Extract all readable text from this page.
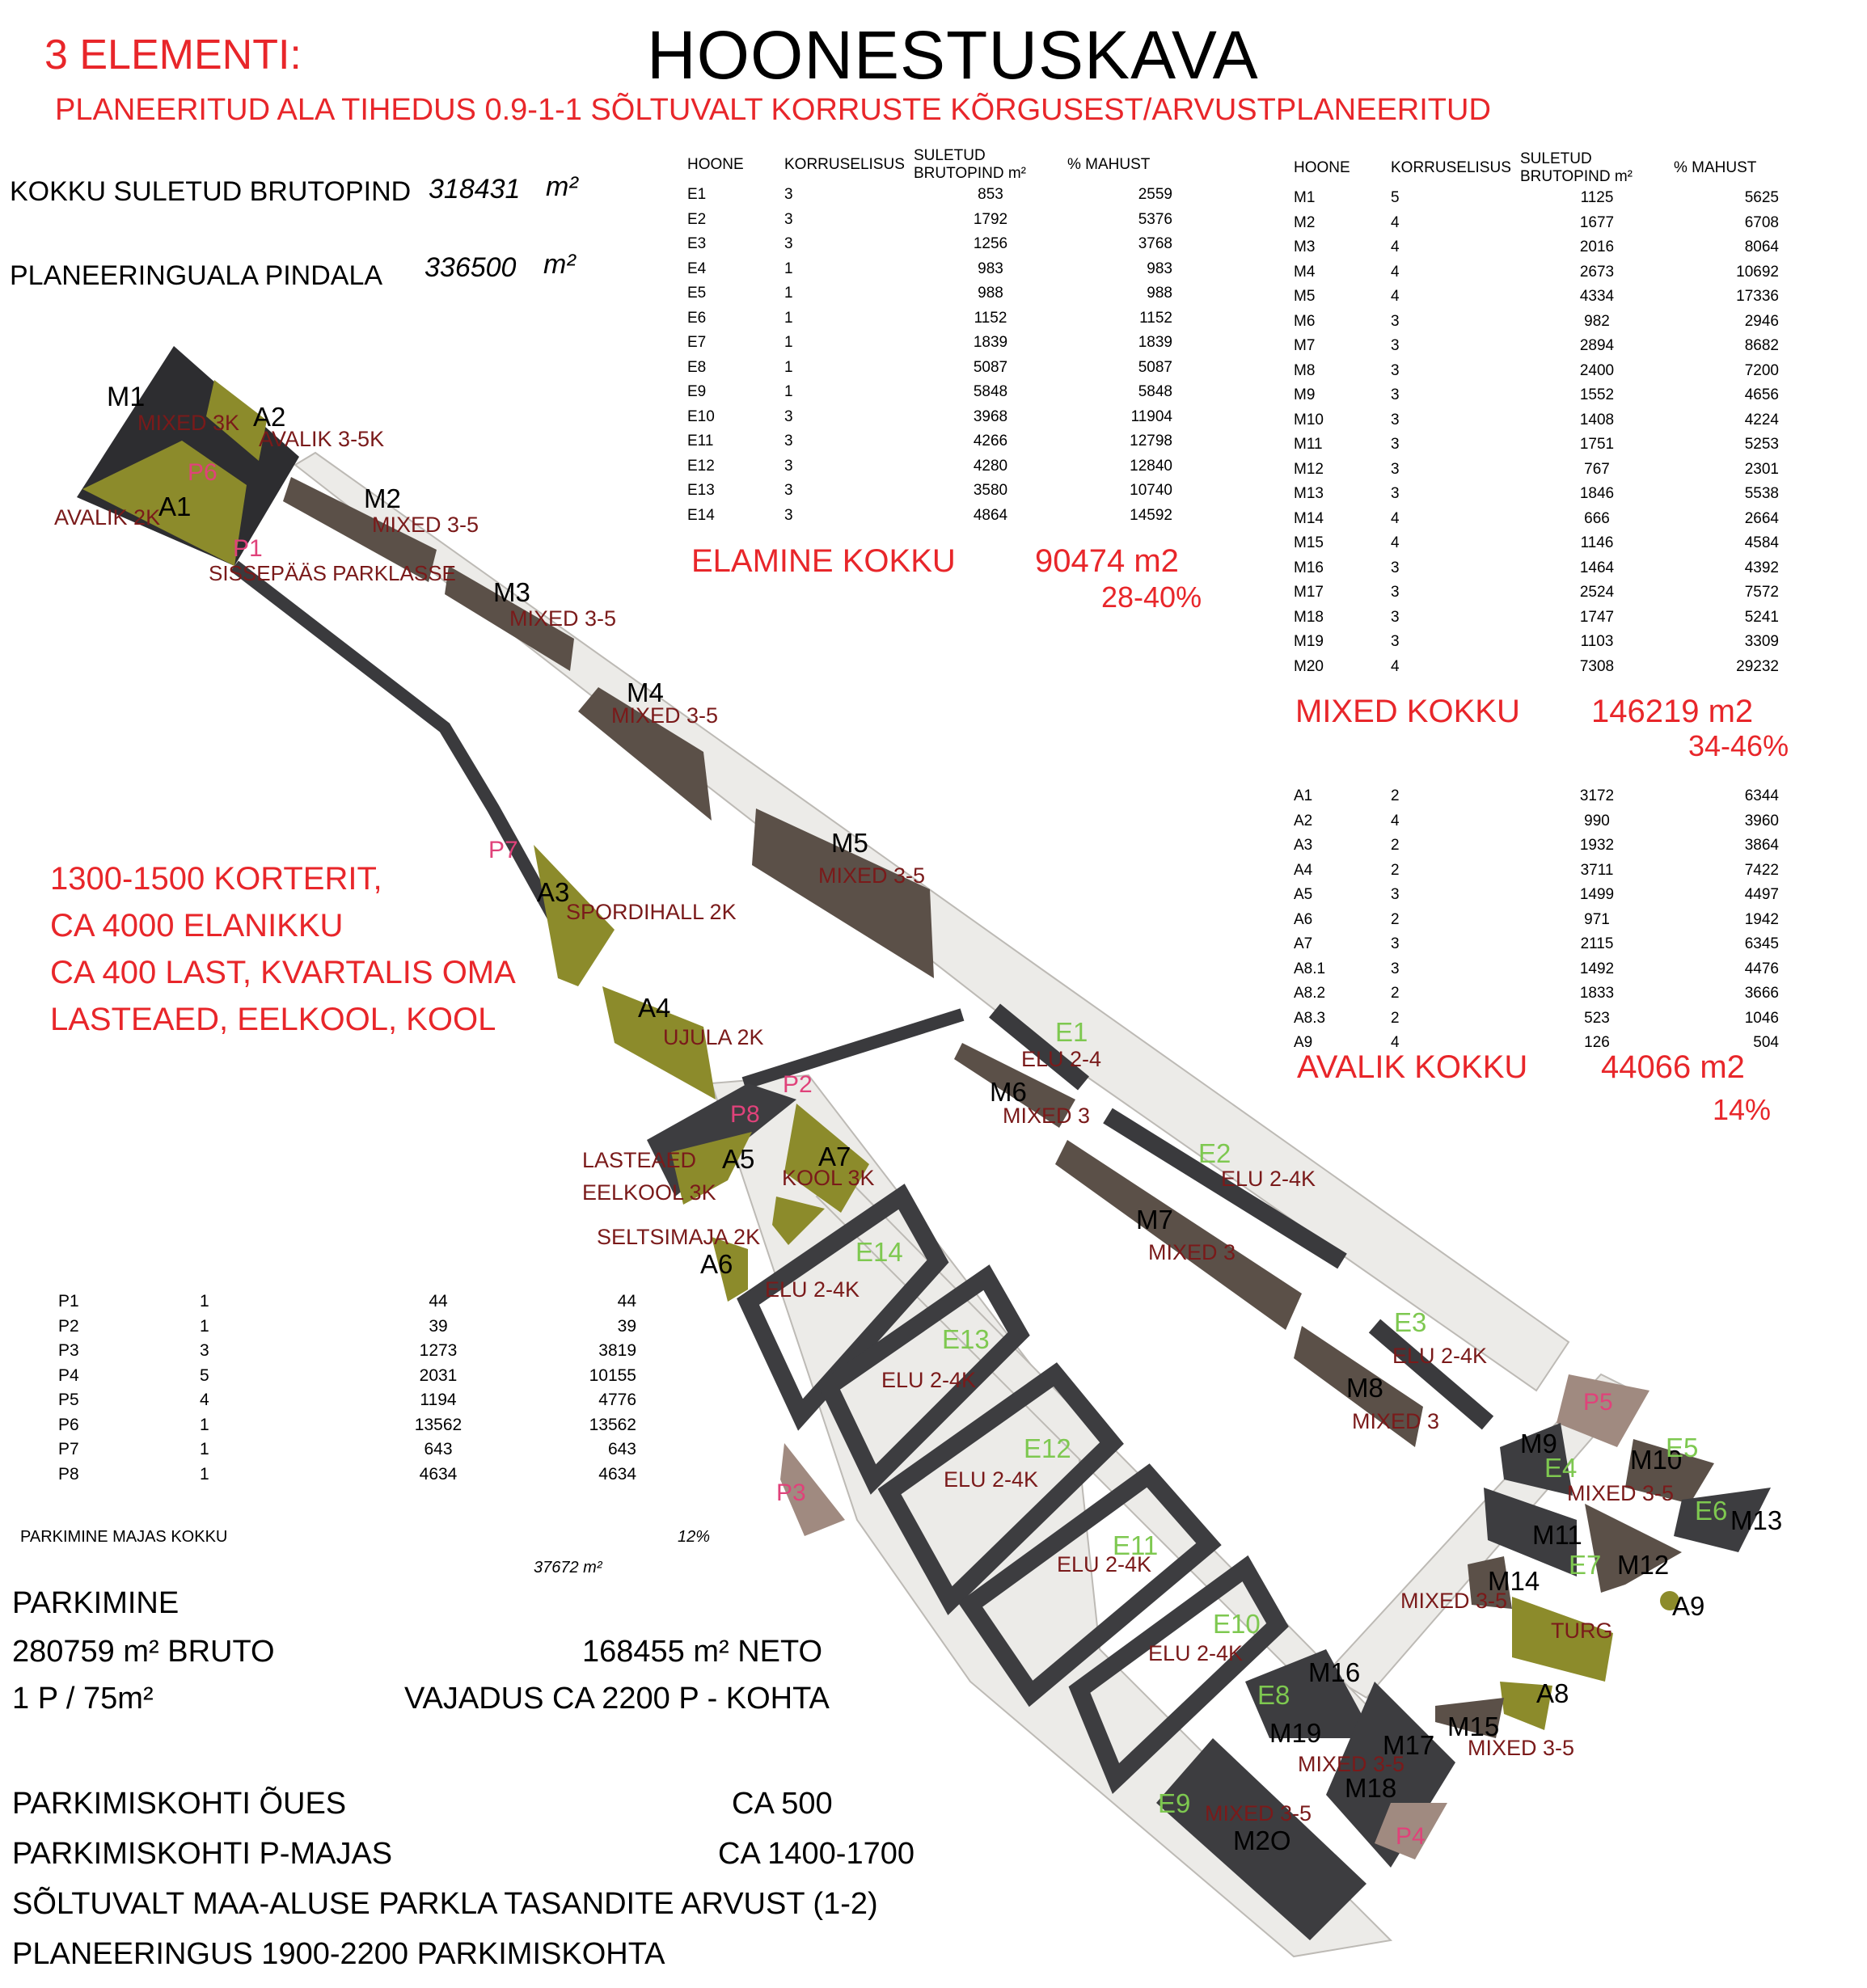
HOONESTUSKAVA
3 ELEMENTI:
PLANEERITUD ALA TIHEDUS 0.9-1-1 SÕLTUVALT KORRUSTE KÕRGUSEST/ARVUSTPLANEERITUD
KOKKU SULETUD BRUTOPIND 318431 m²
PLANEERINGUALA PINDALA 336500 m²
HOONE	KORRUSELISUS	SULETUD BRUTOPIND m²	% MAHUST
E1	3	853	2559
E2	3	1792	5376
E3	3	1256	3768
E4	1	983	983
E5	1	988	988
E6	1	1152	1152
E7	1	1839	1839
E8	1	5087	5087
E9	1	5848	5848
E10	3	3968	11904
E11	3	4266	12798
E12	3	4280	12840
E13	3	3580	10740
E14	3	4864	14592
ELAMINE KOKKU 90474 m2
28-40%
HOONE	KORRUSELISUS	SULETUD BRUTOPIND m²	% MAHUST
M1	5	1125	5625
M2	4	1677	6708
M3	4	2016	8064
M4	4	2673	10692
M5	4	4334	17336
M6	3	982	2946
M7	3	2894	8682
M8	3	2400	7200
M9	3	1552	4656
M10	3	1408	4224
M11	3	1751	5253
M12	3	767	2301
M13	3	1846	5538
M14	4	666	2664
M15	4	1146	4584
M16	3	1464	4392
M17	3	2524	7572
M18	3	1747	5241
M19	3	1103	3309
M20	4	7308	29232
MIXED KOKKU 146219 m2
34-46%
A1	2	3172	6344
A2	4	990	3960
A3	2	1932	3864
A4	2	3711	7422
A5	3	1499	4497
A6	2	971	1942
A7	3	2115	6345
A8.1	3	1492	4476
A8.2	2	1833	3666
A8.3	2	523	1046
A9	4	126	504
AVALIK KOKKU 44066 m2
14%
P1	1	44	44
P2	1	39	39
P3	3	1273	3819
P4	5	2031	10155
P5	4	1194	4776
P6	1	13562	13562
P7	1	643	643
P8	1	4634	4634
PARKIMINE MAJAS KOKKU	12%
37672 m²
1300-1500 KORTERIT,
CA 4000 ELANIKKU
CA 400 LAST, KVARTALIS OMA
LASTEAED, EELKOOL, KOOL
PARKIMINE
280759 m² BRUTO	168455 m² NETO
1 P / 75m²	VAJADUS CA 2200 P - KOHTA
PARKIMISKOHTI ÕUES	CA 500
PARKIMISKOHTI P-MAJAS	CA 1400-1700
SÕLTUVALT MAA-ALUSE PARKLA TASANDITE ARVUST (1-2)
PLANEERINGUS 1900-2200 PARKIMISKOHTA
M1
MIXED 3K A2
AVALIK 3-5K
P6
A1
AVALIK 2K
P1
SISSEPÄÄS PARKLASSE
M2
MIXED 3-5
M3
MIXED 3-5
M4
MIXED 3-5
M5
MIXED 3-5
P7
A3
SPORDIHALL 2K
A4
UJULA 2K
P2
P8
LASTEAED
EELKOOL 3K
A5 A7
KOOL 3K
SELTSIMAJA 2K
A6
E1
ELU 2-4
M6
MIXED 3
E2
ELU 2-4K
M7
MIXED 3
E14
ELU 2-4K
E13
ELU 2-4K
E12
ELU 2-4K
E11
ELU 2-4K
E10
ELU 2-4K
E3
ELU 2-4K
M8
MIXED 3
P5
M9
E4 M10
E5
MIXED 3-5
E6 M13
M11
E7 M12
A9
M14
MIXED 3-5
TURG
A8
M15
MIXED 3-5
M16
E8
M19 M17
MIXED 3-5
M18
E9 MIXED 3-5
M2O	P4
P3
